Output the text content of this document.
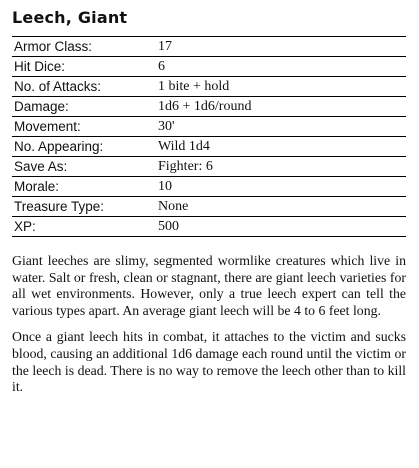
Leech, Giant
Armor Class:	17
Hit Dice:	6
No. of Attacks:	1 bite + hold
Damage:	1d6 + 1d6/round
Movement:	30'
No. Appearing:	Wild 1d4
Save As:	Fighter: 6
Morale:	10
Treasure Type:	None
XP:	500

Giant leeches are slimy, segmented wormlike creatures which live in water. Salt or fresh, clean or stagnant, there are giant leech varieties for all wet environments. However, only a true leech expert can tell the various types apart. An average giant leech will be 4 to 6 feet long.

Once a giant leech hits in combat, it attaches to the victim and sucks blood, causing an additional 1d6 damage each round until the victim or the leech is dead. There is no way to remove the leech other than to kill it.
